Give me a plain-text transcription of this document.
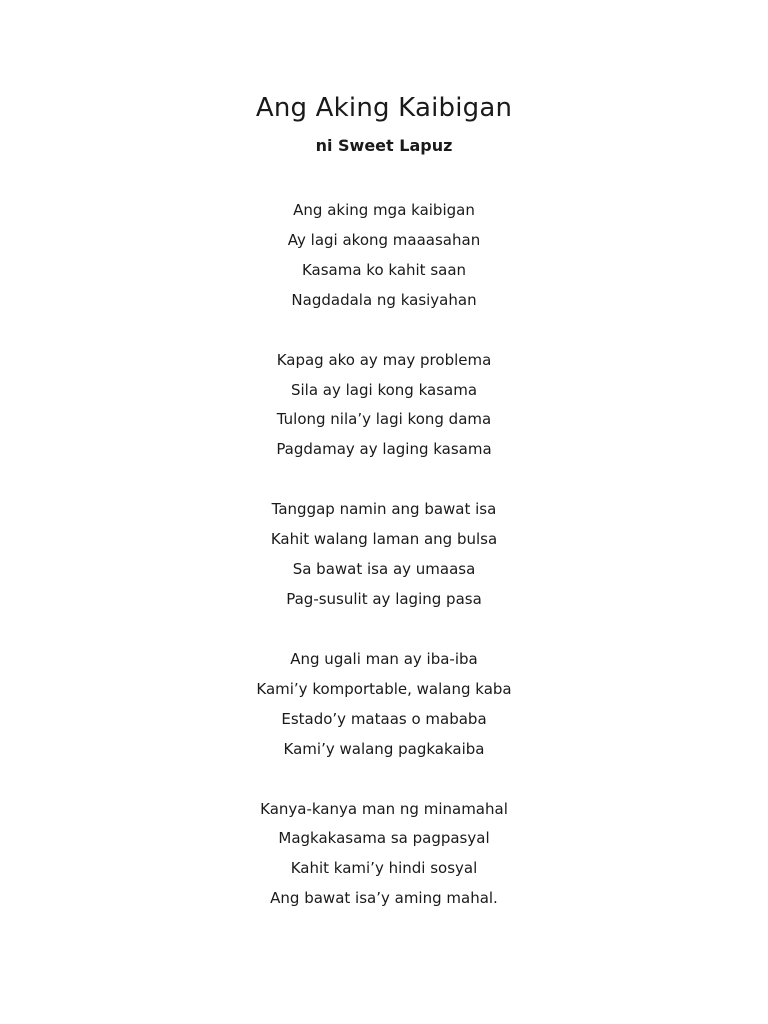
Ang Aking Kaibigan
ni Sweet Lapuz
Ang aking mga kaibigan
Ay lagi akong maaasahan
Kasama ko kahit saan
Nagdadala ng kasiyahan
Kapag ako ay may problema
Sila ay lagi kong kasama
Tulong nila’y lagi kong dama
Pagdamay ay laging kasama
Tanggap namin ang bawat isa
Kahit walang laman ang bulsa
Sa bawat isa ay umaasa
Pag-susulit ay laging pasa
Ang ugali man ay iba-iba
Kami’y komportable, walang kaba
Estado’y mataas o mababa
Kami’y walang pagkakaiba
Kanya-kanya man ng minamahal
Magkakasama sa pagpasyal
Kahit kami’y hindi sosyal
Ang bawat isa’y aming mahal.
